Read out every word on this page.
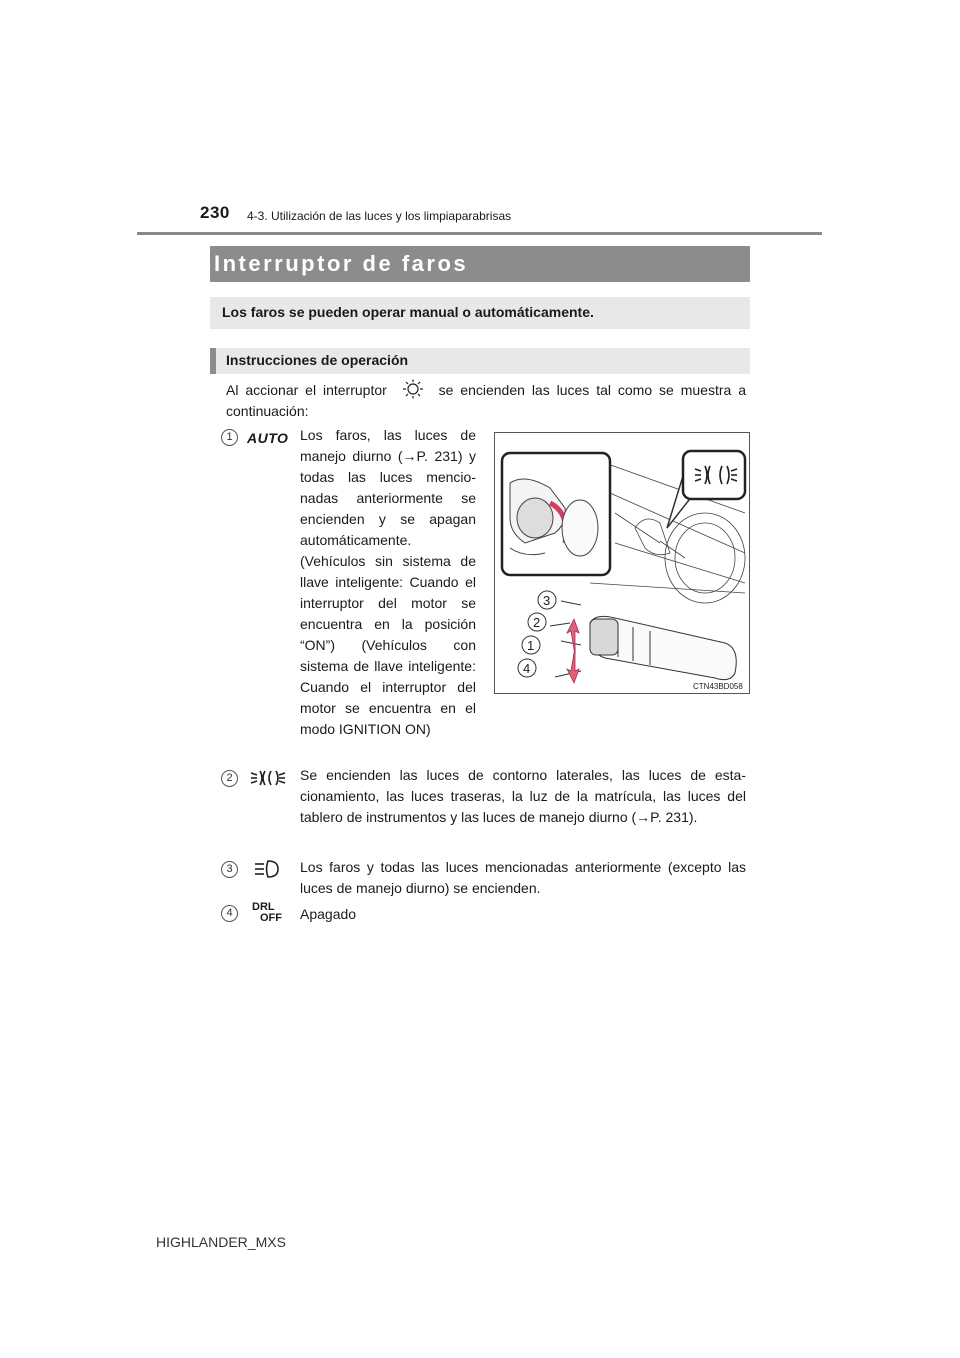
230 4-3. Utilización de las luces y los limpiaparabrisas
Interruptor de faros
Los faros se pueden operar manual o automáticamente.
Instrucciones de operación
Al accionar el interruptor	se encienden las luces tal como se muestra a continuación:
1	AUTO Los faros, las luces de manejo diurno (→P. 231) y todas las luces mencio-nadas anteriormente se encienden y se apagan automáticamente. (Vehículos sin sistema de llave inteligente: Cuando el interruptor del motor se encuentra en la posición “ON”) (Vehículos con sistema de llave inteligente: Cuando el interruptor del motor se encuentra en el modo IGNITION ON)
3
2
1
4
CTN43BD058
2	Se encienden las luces de contorno laterales, las luces de esta-cionamiento, las luces traseras, la luz de la matrícula, las luces del tablero de instrumentos y las luces de manejo diurno (→P. 231).
3	Los faros y todas las luces mencionadas anteriormente (excepto las luces de manejo diurno) se encienden.
4	DRL
OFF Apagado
HIGHLANDER_MXS
